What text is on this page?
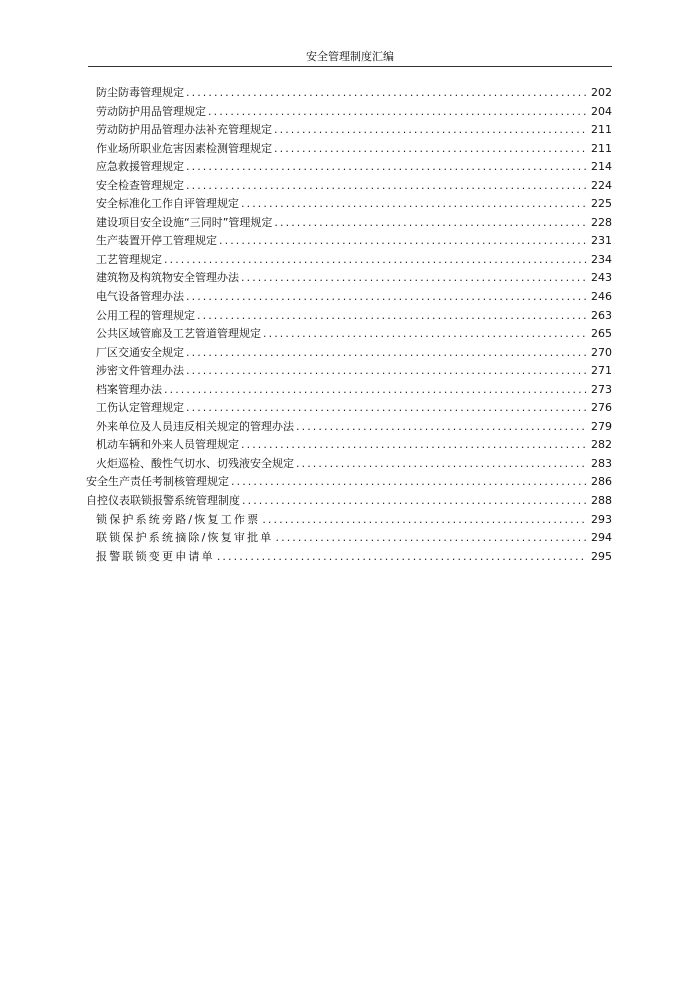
安全管理制度汇编
防尘防毒管理规定 .....	202
劳动防护用品管理规定 .....	204
劳动防护用品管理办法补充管理规定 .....	211
作业场所职业危害因素检测管理规定 .....	211
应急救援管理规定 .....	214
安全检查管理规定 .....	224
安全标准化工作自评管理规定 .....	225
建设项目安全设施“三同时”管理规定 .....	228
生产装置开停工管理规定 .....	231
工艺管理规定 .....	234
建筑物及构筑物安全管理办法 .....	243
电气设备管理办法 .....	246
公用工程的管理规定 .....	263
公共区域管廊及工艺管道管理规定 .....	265
厂区交通安全规定 .....	270
涉密文件管理办法 .....	271
档案管理办法 .....	273
工伤认定管理规定 .....	276
外来单位及人员违反相关规定的管理办法 .....	279
机动车辆和外来人员管理规定 .....	282
火炬巡检、酸性气切水、切残液安全规定 .....	283
安全生产责任考制核管理规定 .....	286
自控仪表联锁报警系统管理制度 .....	288
锁保护系统旁路/恢复工作票 .....	293
联锁保护系统摘除/恢复审批单 .....	294
报警联锁变更申请单 .....	295
